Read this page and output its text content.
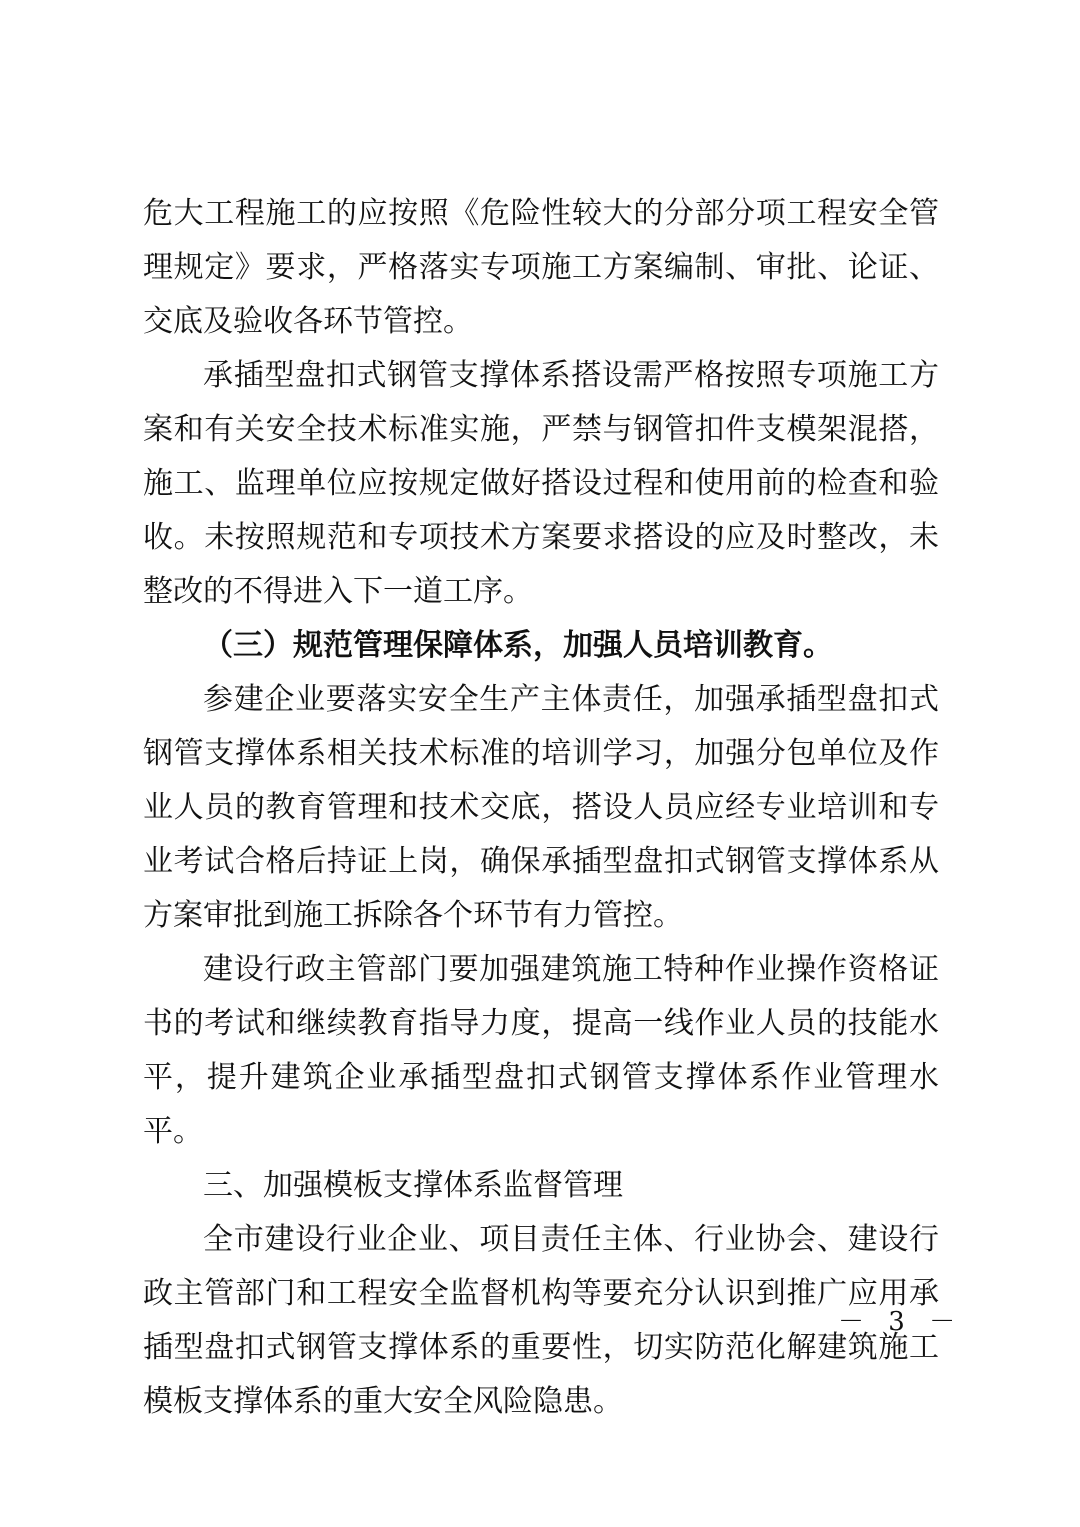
危大工程施工的应按照《危险性较大的分部分项工程安全管理规定》要求，严格落实专项施工方案编制、审批、论证、交底及验收各环节管控。

承插型盘扣式钢管支撑体系搭设需严格按照专项施工方案和有关安全技术标准实施，严禁与钢管扣件支模架混搭，施工、监理单位应按规定做好搭设过程和使用前的检查和验收。未按照规范和专项技术方案要求搭设的应及时整改，未整改的不得进入下一道工序。

（三）规范管理保障体系，加强人员培训教育。

参建企业要落实安全生产主体责任，加强承插型盘扣式钢管支撑体系相关技术标准的培训学习，加强分包单位及作业人员的教育管理和技术交底，搭设人员应经专业培训和专业考试合格后持证上岗，确保承插型盘扣式钢管支撑体系从方案审批到施工拆除各个环节有力管控。

建设行政主管部门要加强建筑施工特种作业操作资格证书的考试和继续教育指导力度，提高一线作业人员的技能水平，提升建筑企业承插型盘扣式钢管支撑体系作业管理水平。

三、加强模板支撑体系监督管理

全市建设行业企业、项目责任主体、行业协会、建设行政主管部门和工程安全监督机构等要充分认识到推广应用承插型盘扣式钢管支撑体系的重要性，切实防范化解建筑施工模板支撑体系的重大安全风险隐患。

－ 3 －
